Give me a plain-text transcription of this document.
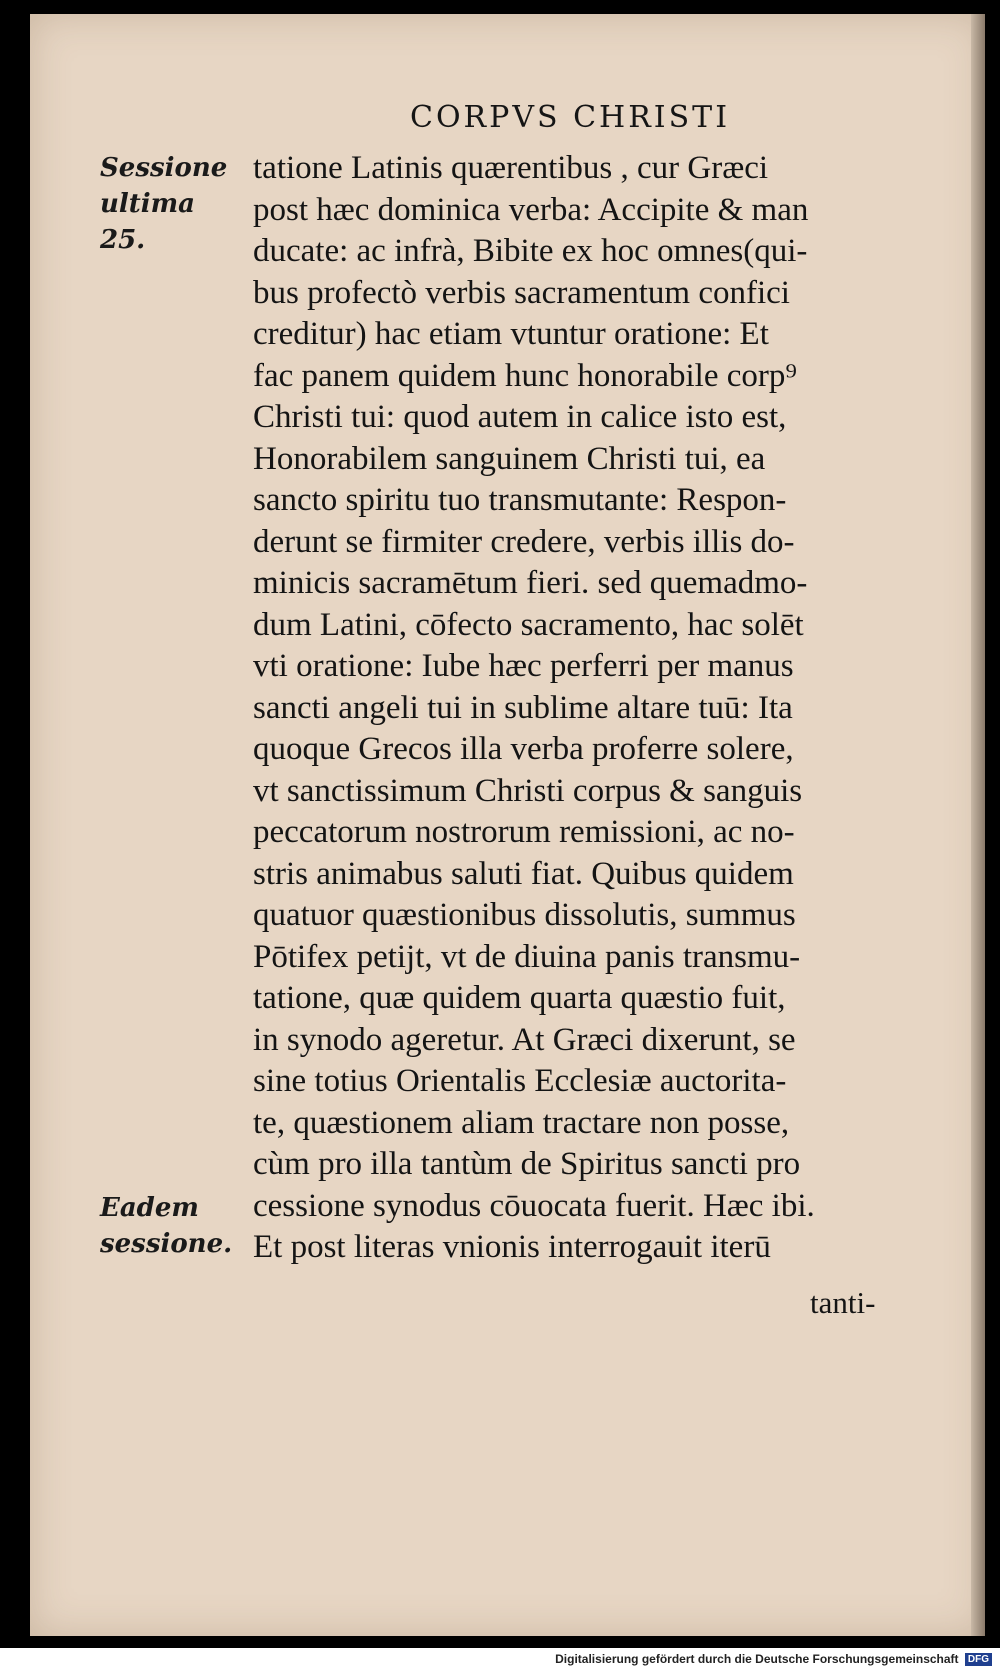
CORPVS CHRISTI
Sessione
ultima
25.
Eadem
sessione.
tatione Latinis quærentibus , cur Græci
post hæc dominica verba: Accipite & man
ducate: ac infrà, Bibite ex hoc omnes(qui-
bus profectò verbis sacramentum confici
creditur) hac etiam vtuntur oratione: Et
fac panem quidem hunc honorabile corp⁹
Christi tui: quod autem in calice isto est,
Honorabilem sanguinem Christi tui, ea
sancto spiritu tuo transmutante: Respon-
derunt se firmiter credere, verbis illis do-
minicis sacramētum fieri. sed quemadmo-
dum Latini, cōfecto sacramento, hac solēt
vti oratione: Iube hæc perferri per manus
sancti angeli tui in sublime altare tuū: Ita
quoque Grecos illa verba proferre solere,
vt sanctissimum Christi corpus & sanguis
peccatorum nostrorum remissioni, ac no-
stris animabus saluti fiat. Quibus quidem
quatuor quæstionibus dissolutis, summus
Pōtifex petijt, vt de diuina panis transmu-
tatione, quæ quidem quarta quæstio fuit,
in synodo ageretur. At Græci dixerunt, se
sine totius Orientalis Ecclesiæ auctorita-
te, quæstionem aliam tractare non posse,
cùm pro illa tantùm de Spiritus sancti pro
cessione synodus cōuocata fuerit. Hæc ibi.
Et post literas vnionis interrogauit iterū
tanti-
Digitalisierung gefördert durch die Deutsche Forschungsgemeinschaft DFG
